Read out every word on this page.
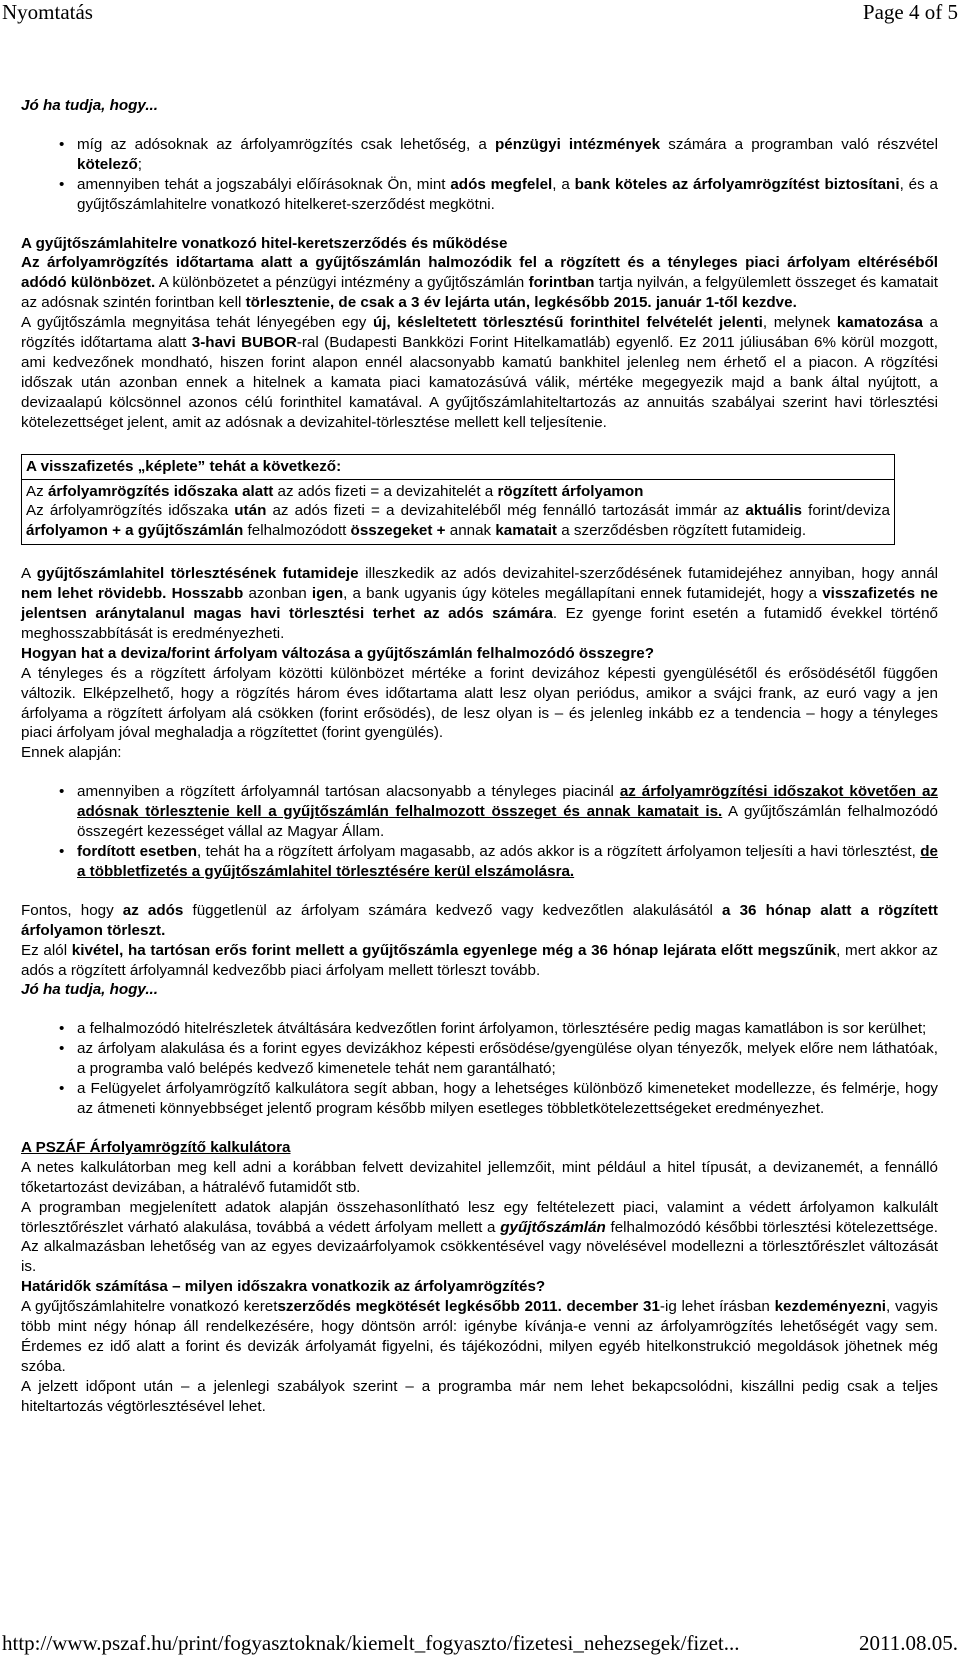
Nyomtatás	Page 4 of 5

Jó ha tudja, hogy...

• míg az adósoknak az árfolyamrögzítés csak lehetőség, a pénzügyi intézmények számára a programban való részvétel kötelező;
• amennyiben tehát a jogszabályi előírásoknak Ön, mint adós megfelel, a bank köteles az árfolyamrögzítést biztosítani, és a gyűjtőszámlahitelre vonatkozó hitelkeret-szerződést megkötni.

A gyűjtőszámlahitelre vonatkozó hitel-keretszerződés és működése

Az árfolyamrögzítés időtartama alatt a gyűjtőszámlán halmozódik fel a rögzített és a tényleges piaci árfolyam eltéréséből adódó különbözet. A különbözetet a pénzügyi intézmény a gyűjtőszámlán forintban tartja nyilván, a felgyülemlett összeget és kamatait az adósnak szintén forintban kell törlesztenie, de csak a 3 év lejárta után, legkésőbb 2015. január 1-től kezdve.

A gyűjtőszámla megnyitása tehát lényegében egy új, késleltetett törlesztésű forinthitel felvételét jelenti, melynek kamatozása a rögzítés időtartama alatt 3-havi BUBOR-ral (Budapesti Bankközi Forint Hitelkamatláb) egyenlő. Ez 2011 júliusában 6% körül mozgott, ami kedvezőnek mondható, hiszen forint alapon ennél alacsonyabb kamatú bankhitel jelenleg nem érhető el a piacon. A rögzítési időszak után azonban ennek a hitelnek a kamata piaci kamatozásúvá válik, mértéke megegyezik majd a bank által nyújtott, a devizaalapú kölcsönnel azonos célú forinthitel kamatával. A gyűjtőszámlahiteltartozás az annuitás szabályai szerint havi törlesztési kötelezettséget jelent, amit az adósnak a devizahitel-törlesztése mellett kell teljesítenie.

A visszafizetés „képlete” tehát a következő:

Az árfolyamrögzítés időszaka alatt az adós fizeti = a devizahitelét a rögzített árfolyamon

Az árfolyamrögzítés időszaka után az adós fizeti = a devizahiteléből még fennálló tartozását immár az aktuális forint/deviza árfolyamon + a gyűjtőszámlán felhalmozódott összegeket + annak kamatait a szerződésben rögzített futamideig.

A gyűjtőszámlahitel törlesztésének futamideje illeszkedik az adós devizahitel-szerződésének futamidejéhez annyiban, hogy annál nem lehet rövidebb. Hosszabb azonban igen, a bank ugyanis úgy köteles megállapítani ennek futamidejét, hogy a visszafizetés ne jelentsen aránytalanul magas havi törlesztési terhet az adós számára. Ez gyenge forint esetén a futamidő évekkel történő meghosszabbítását is eredményezheti.

Hogyan hat a deviza/forint árfolyam változása a gyűjtőszámlán felhalmozódó összegre?

A tényleges és a rögzített árfolyam közötti különbözet mértéke a forint devizához képesti gyengülésétől és erősödésétől függően változik. Elképzelhető, hogy a rögzítés három éves időtartama alatt lesz olyan periódus, amikor a svájci frank, az euró vagy a jen árfolyama a rögzített árfolyam alá csökken (forint erősödés), de lesz olyan is – és jelenleg inkább ez a tendencia – hogy a tényleges piaci árfolyam jóval meghaladja a rögzítettet (forint gyengülés).

Ennek alapján:

• amennyiben a rögzített árfolyamnál tartósan alacsonyabb a tényleges piacinál az árfolyamrögzítési időszakot követően az adósnak törlesztenie kell a gyűjtőszámlán felhalmozott összeget és annak kamatait is. A gyűjtőszámlán felhalmozódó összegért kezességet vállal az Magyar Állam.
• fordított esetben, tehát ha a rögzített árfolyam magasabb, az adós akkor is a rögzített árfolyamon teljesíti a havi törlesztést, de a többletfizetés a gyűjtőszámlahitel törlesztésére kerül elszámolásra.

Fontos, hogy az adós függetlenül az árfolyam számára kedvező vagy kedvezőtlen alakulásától a 36 hónap alatt a rögzített árfolyamon törleszt.

Ez alól kivétel, ha tartósan erős forint mellett a gyűjtőszámla egyenlege még a 36 hónap lejárata előtt megszűnik, mert akkor az adós a rögzített árfolyamnál kedvezőbb piaci árfolyam mellett törleszt tovább.

Jó ha tudja, hogy...

• a felhalmozódó hitelrészletek átváltására kedvezőtlen forint árfolyamon, törlesztésére pedig magas kamatlábon is sor kerülhet;
• az árfolyam alakulása és a forint egyes devizákhoz képesti erősödése/gyengülése olyan tényezők, melyek előre nem láthatóak, a programba való belépés kedvező kimenetele tehát nem garantálható;
• a Felügyelet árfolyamrögzítő kalkulátora segít abban, hogy a lehetséges különböző kimeneteket modellezze, és felmérje, hogy az átmeneti könnyebbséget jelentő program később milyen esetleges többletkötelezettségeket eredményezhet.

A PSZÁF Árfolyamrögzítő kalkulátora

A netes kalkulátorban meg kell adni a korábban felvett devizahitel jellemzőit, mint például a hitel típusát, a devizanemét, a fennálló tőketartozást devizában, a hátralévő futamidőt stb.

A programban megjelenített adatok alapján összehasonlítható lesz egy feltételezett piaci, valamint a védett árfolyamon kalkulált törlesztőrészlet várható alakulása, továbbá a védett árfolyam mellett a gyűjtőszámlán felhalmozódó későbbi törlesztési kötelezettsége. Az alkalmazásban lehetőség van az egyes devizaárfolyamok csökkentésével vagy növelésével modellezni a törlesztőrészlet változását is.

Határidők számítása – milyen időszakra vonatkozik az árfolyamrögzítés?

A gyűjtőszámlahitelre vonatkozó keretszerződés megkötését legkésőbb 2011. december 31-ig lehet írásban kezdeményezni, vagyis több mint négy hónap áll rendelkezésére, hogy döntsön arról: igénybe kívánja-e venni az árfolyamrögzítés lehetőségét vagy sem. Érdemes ez idő alatt a forint és devizák árfolyamát figyelni, és tájékozódni, milyen egyéb hitelkonstrukció megoldások jöhetnek még szóba.

A jelzett időpont után – a jelenlegi szabályok szerint – a programba már nem lehet bekapcsolódni, kiszállni pedig csak a teljes hiteltartozás végtörlesztésével lehet.

http://www.pszaf.hu/print/fogyasztoknak/kiemelt_fogyaszto/fizetesi_nehezsegek/fizet...	2011.08.05.
